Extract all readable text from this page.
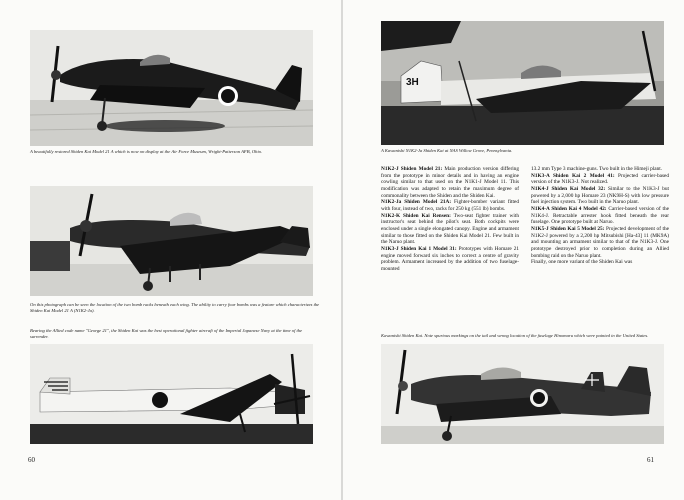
A beautifully restored Shiden Kai Model 21 A which is now on display at the Air Force Museum, Wright-Patterson AFB, Ohio.
On this photograph can be seen the location of the two bomb racks beneath each wing. The ability to carry four bombs was a feature which characterizes the Shiden Kai Model 21 A (N1K2-Ja).
Bearing the Allied code name "George 21", the Shiden Kai was the best operational fighter aircraft of the Imperial Japanese Navy at the time of the surrender.
60
3H
A Kawanishi N1K2-Ja Shiden Kai at NAS Willow Grove, Pennsylvania.

N1K2-J Shiden Model 21: Main production version differing from the prototype in minor details and in having an engine cowling similar to that used on the N1K1-J Model 11. This modification was adapted to retain the maximum degree of commonality between the Shiden and the Shiden Kai.

N1K2-Ja Shiden Model 21A: Fighter-bomber variant fitted with four, instead of two, racks for 250 kg (551 lb) bombs.

N1K2-K Shiden Kai Rensen: Two-seat fighter trainer with instructor's seat behind the pilot's seat. Both cockpits were enclosed under a single elongated canopy. Engine and armament similar to those fitted on the Shiden Kai Model 21. Few built in the Naruo plant.

N1K3-J Shiden Kai 1 Model 31: Prototypes with Homare 21 engine moved forward six inches to correct a centre of gravity problem. Armament increased by the addition of two fuselage-mounted

13.2 mm Type 3 machine-guns. Two built in the Himeji plant.

N1K3-A Shiden Kai 2 Model 41: Projected carrier-based version of the N1K3-J. Not realized.

N1K4-J Shiden Kai Model 32: Similar to the N1K3-J but powered by a 2,000 hp Homare 23 (NK9H-S) with low pressure fuel injection system. Two built in the Naruo plant.

N1K4-A Shiden Kai 4 Model 42: Carrier-based version of the N1K4-J. Retractable arrester hook fitted beneath the rear fuselage. One prototype built at Naruo.

N1K5-J Shiden Kai 5 Model 25: Projected development of the N1K2-J powered by a 2,200 hp Mitsubishi [Ha-43] 11 (MK9A) and mounting an armament similar to that of the N1K3-J. One prototype destroyed prior to completion during an Allied bombing raid on the Naruo plant.

Finally, one more variant of the Shiden Kai was

Kawanishi Shiden Kai. Note spurious markings on the tail and wrong location of the fuselage Hinomaru which were painted in the United States.
61
